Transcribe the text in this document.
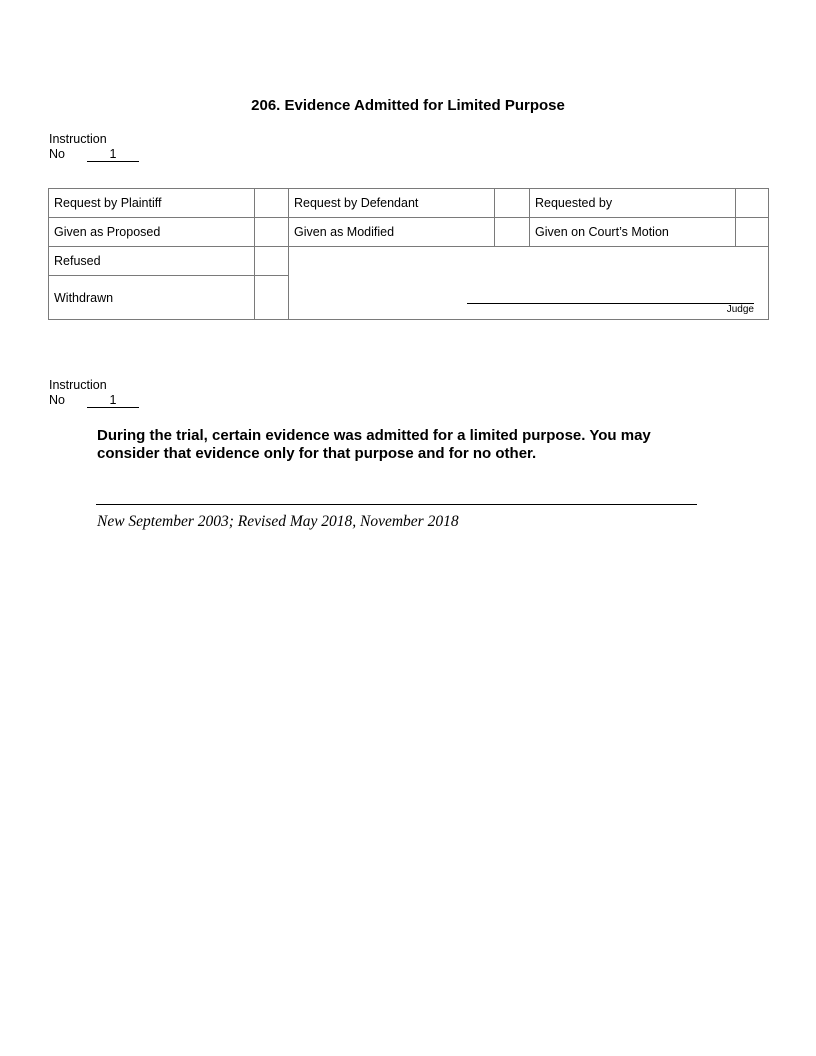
206. Evidence Admitted for Limited Purpose
Instruction
No	1
Request by Plaintiff		Request by Defendant		Requested by	
Given as Proposed		Given as Modified		Given on Court’s Motion	
Refused		Judge			

Withdrawn					
Instruction
No	1

During the trial, certain evidence was admitted for a limited purpose. You may consider that evidence only for that purpose and for no other.

New September 2003; Revised May 2018, November 2018
